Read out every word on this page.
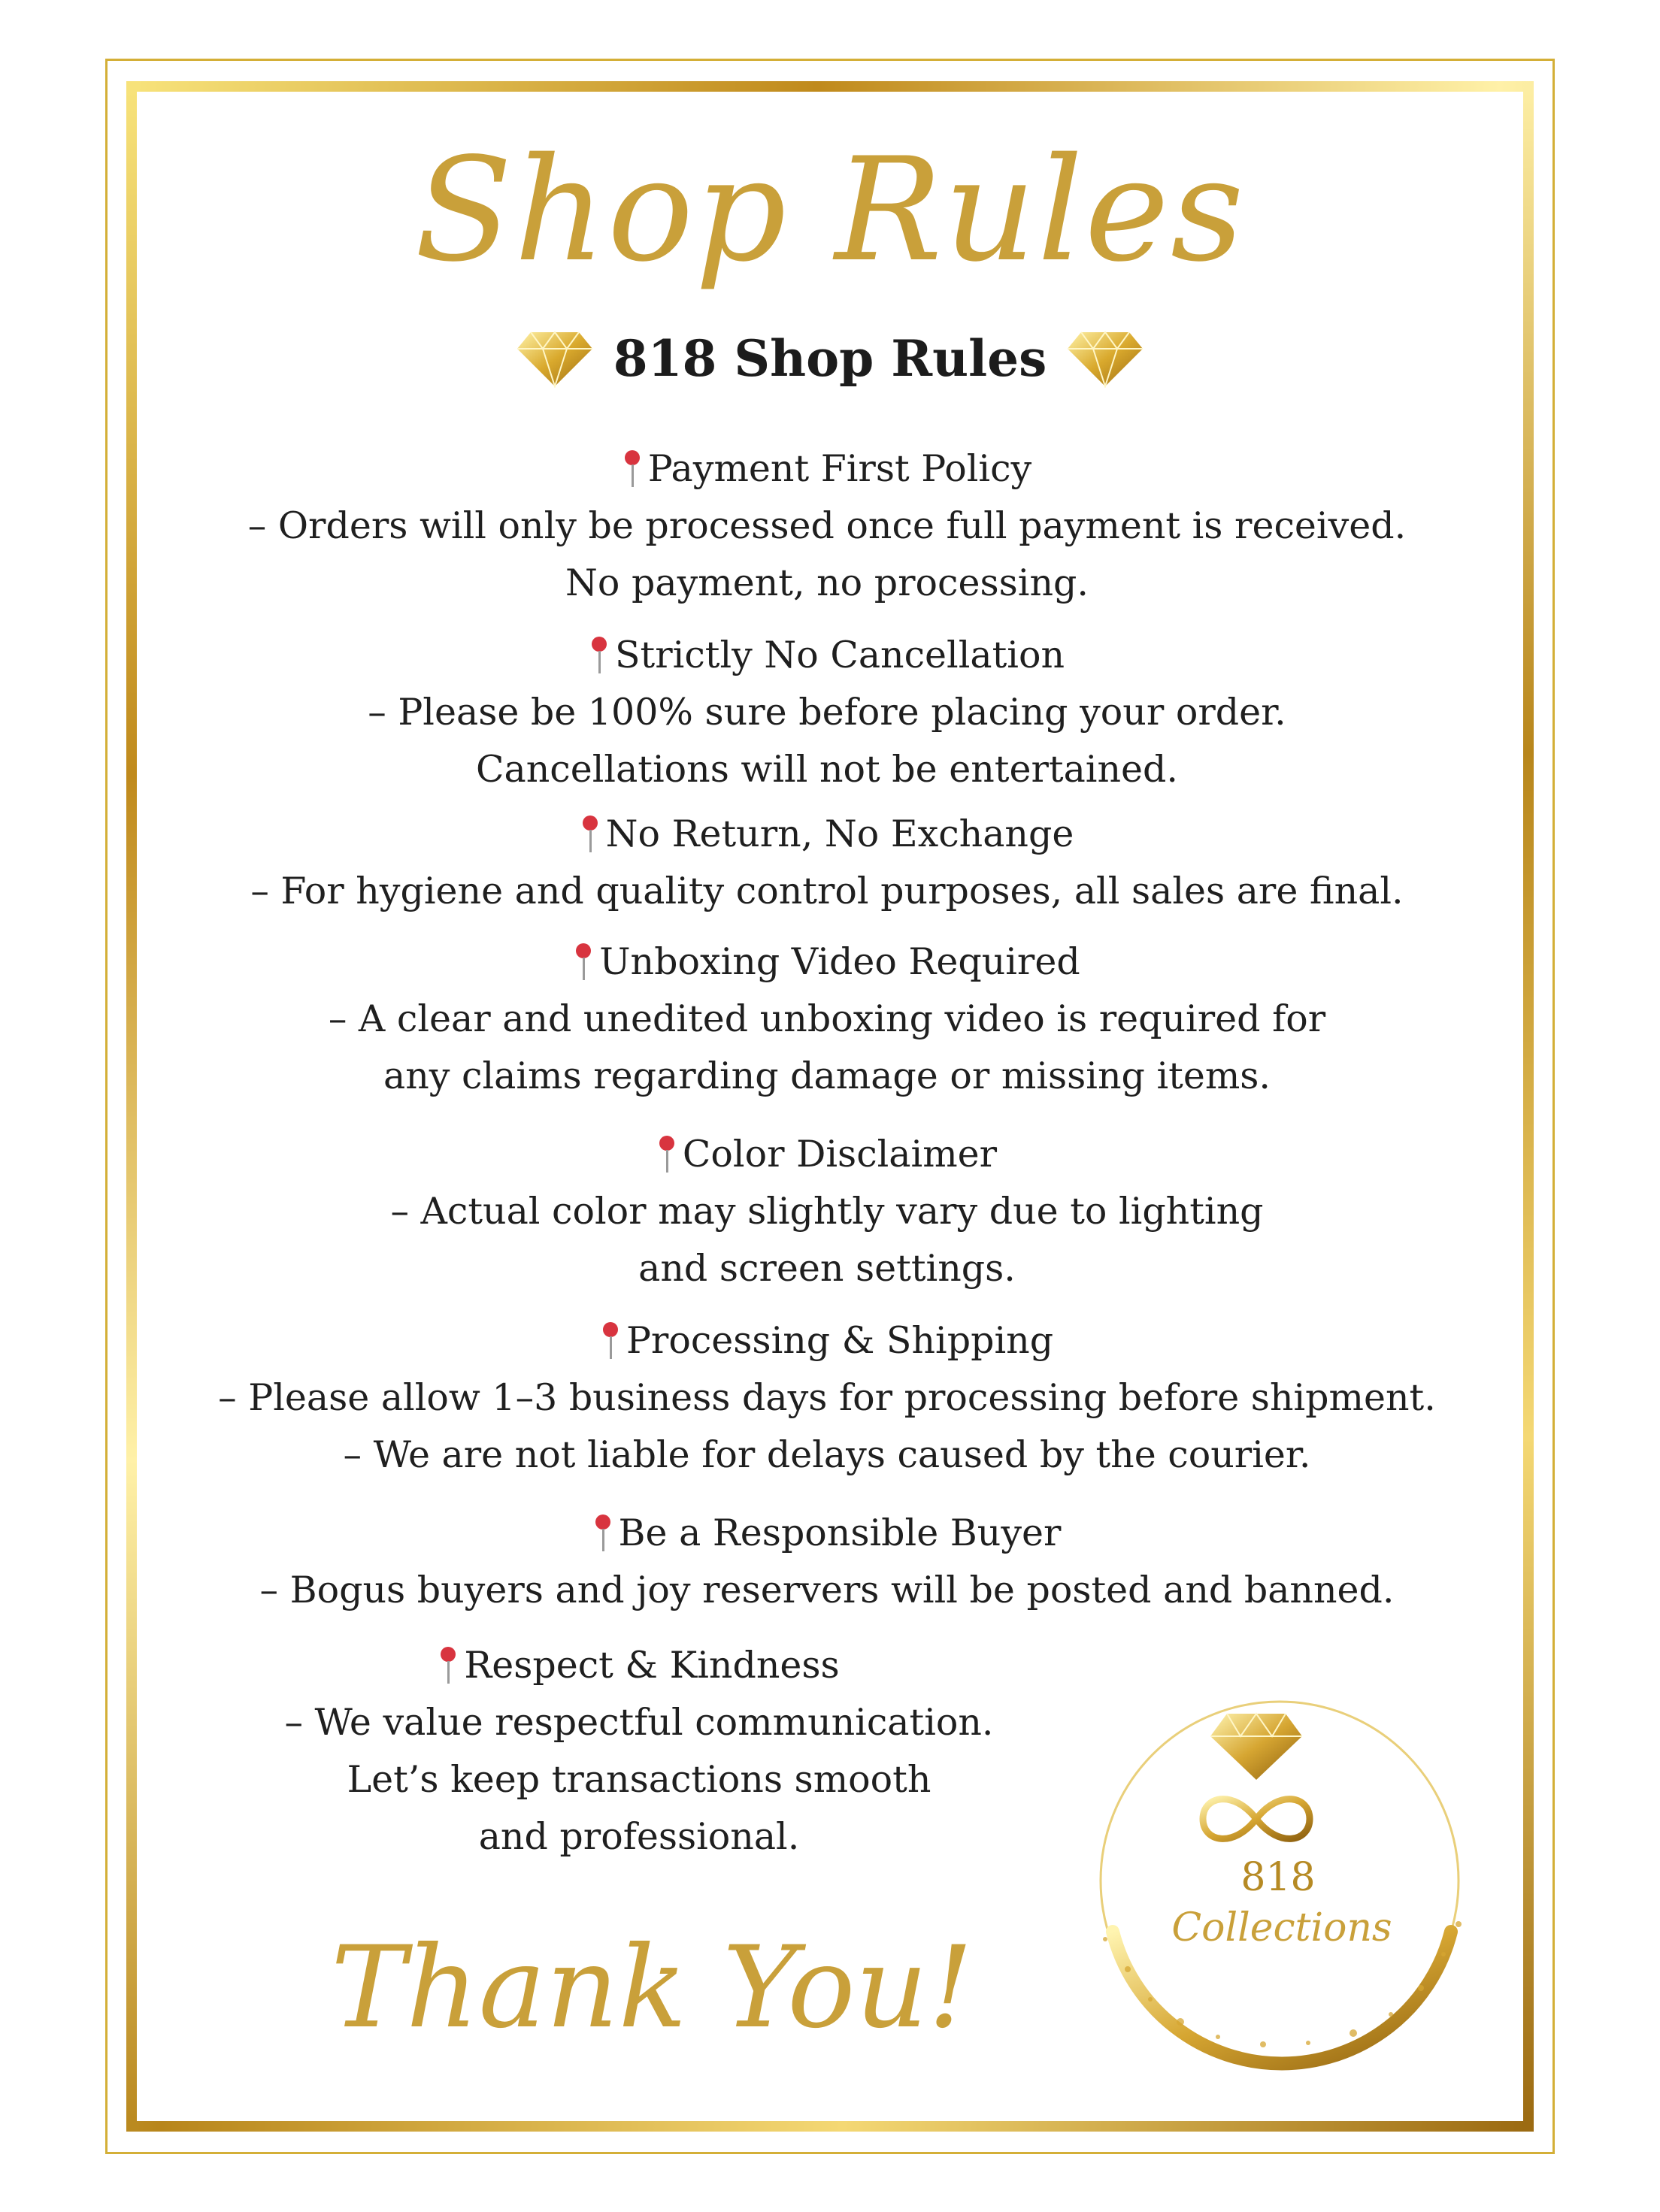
Shop Rules
818 Shop Rules
Payment First Policy
– Orders will only be processed once full payment is received.
No payment, no processing.
Strictly No Cancellation
– Please be 100% sure before placing your order.
Cancellations will not be entertained.
No Return, No Exchange
– For hygiene and quality control purposes, all sales are final.
Unboxing Video Required
– A clear and unedited unboxing video is required for
any claims regarding damage or missing items.
Color Disclaimer
– Actual color may slightly vary due to lighting
and screen settings.
Processing & Shipping
– Please allow 1–3 business days for processing before shipment.
– We are not liable for delays caused by the courier.
Be a Responsible Buyer
– Bogus buyers and joy reservers will be posted and banned.
Respect & Kindness
– We value respectful communication.
Let’s keep transactions smooth
and professional.
Thank You!
818
Collections
